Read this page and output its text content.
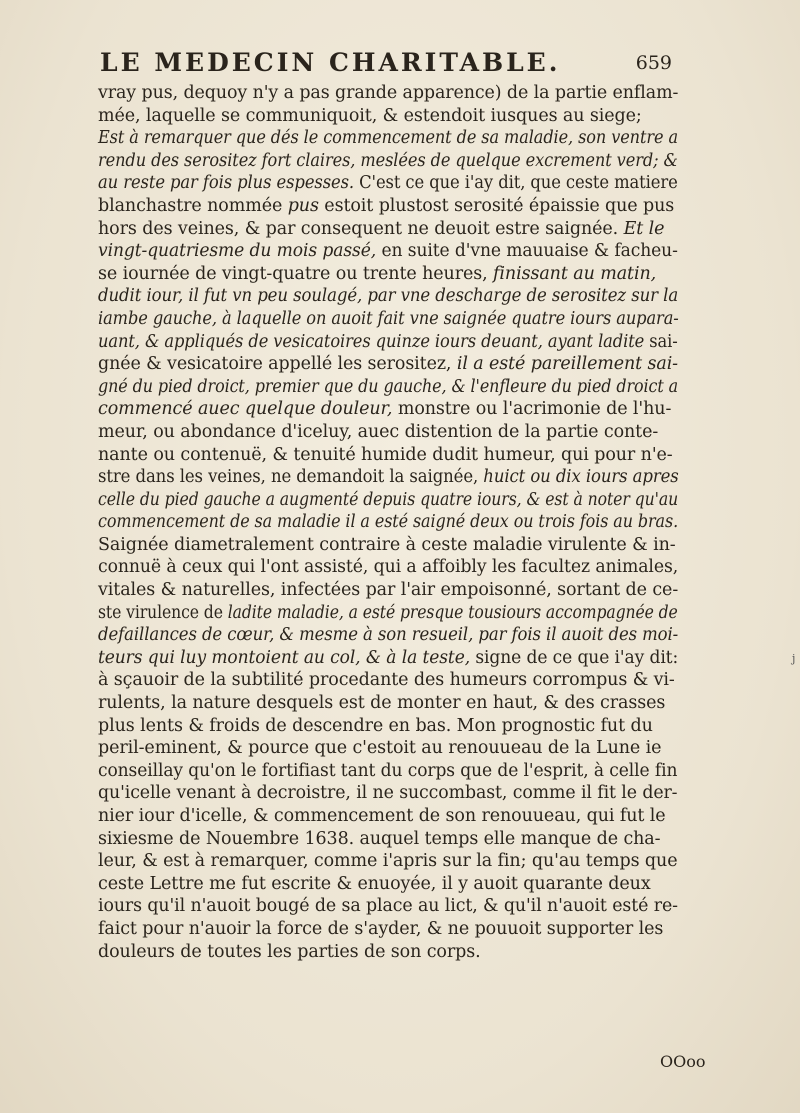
LE MEDECIN CHARITABLE.	659
vray pus, dequoy n'y a pas grande apparence) de la partie enflam-
mée, laquelle se communiquoit, & estendoit iusques au siege;
Est à remarquer que dés le commencement de sa maladie, son ventre a
rendu des serositez fort claires, meslées de quelque excrement verd; &
au reste par fois plus espesses. C'est ce que i'ay dit, que ceste matiere
blanchastre nommée pus estoit plustost serosité épaissie que pus
hors des veines, & par consequent ne deuoit estre saignée. Et le
vingt-quatriesme du mois passé, en suite d'vne mauuaise & facheu-
se iournée de vingt-quatre ou trente heures, finissant au matin,
dudit iour, il fut vn peu soulagé, par vne descharge de serositez sur la
iambe gauche, à laquelle on auoit fait vne saignée quatre iours aupara-
uant, & appliqués de vesicatoires quinze iours deuant, ayant ladite sai-
gnée & vesicatoire appellé les serositez, il a esté pareillement sai-
gné du pied droict, premier que du gauche, & l'enfleure du pied droict a
commencé auec quelque douleur, monstre ou l'acrimonie de l'hu-
meur, ou abondance d'iceluy, auec distention de la partie conte-
nante ou contenuë, & tenuité humide dudit humeur, qui pour n'e-
stre dans les veines, ne demandoit la saignée, huict ou dix iours apres
celle du pied gauche a augmenté depuis quatre iours, & est à noter qu'au
commencement de sa maladie il a esté saigné deux ou trois fois au bras.
Saignée diametralement contraire à ceste maladie virulente & in-
connuë à ceux qui l'ont assisté, qui a affoibly les facultez animales,
vitales & naturelles, infectées par l'air empoisonné, sortant de ce-
ste virulence de ladite maladie, a esté presque tousiours accompagnée de
defaillances de cœur, & mesme à son resueil, par fois il auoit des moi-
teurs qui luy montoient au col, & à la teste, signe de ce que i'ay dit:
à sçauoir de la subtilité procedante des humeurs corrompus & vi-
rulents, la nature desquels est de monter en haut, & des crasses
plus lents & froids de descendre en bas. Mon prognostic fut du
peril-eminent, & pource que c'estoit au renouueau de la Lune ie
conseillay qu'on le fortifiast tant du corps que de l'esprit, à celle fin
qu'icelle venant à decroistre, il ne succombast, comme il fit le der-
nier iour d'icelle, & commencement de son renouueau, qui fut le
sixiesme de Nouembre 1638. auquel temps elle manque de cha-
leur, & est à remarquer, comme i'apris sur la fin; qu'au temps que
ceste Lettre me fut escrite & enuoyée, il y auoit quarante deux
iours qu'il n'auoit bougé de sa place au lict, & qu'il n'auoit esté re-
faict pour n'auoir la force de s'ayder, & ne pouuoit supporter les
douleurs de toutes les parties de son corps.
OOoo
j
